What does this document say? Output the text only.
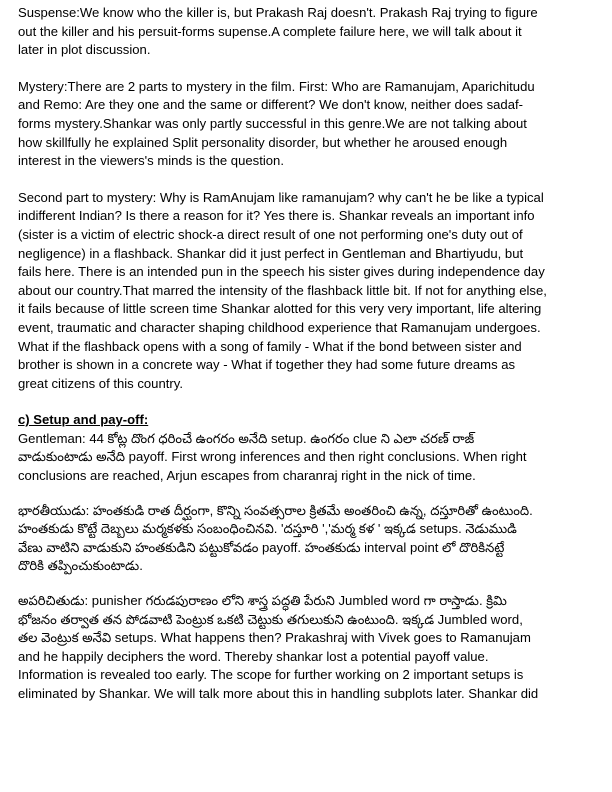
Suspense:We know who the killer is, but Prakash Raj doesn't. Prakash Raj trying to figure
out the killer and his persuit-forms supense.A complete failure here, we will talk about it
later in plot discussion.

Mystery:There are 2 parts to mystery in the film. First: Who are Ramanujam, Aparichitudu
and Remo: Are they one and the same or different? We don't know, neither does sadaf-
forms mystery.Shankar was only partly successful in this genre.We are not talking about
how skillfully he explained Split personality disorder, but whether he aroused enough
interest in the viewers's minds is the question.

Second part to mystery: Why is RamAnujam like ramanujam? why can't he be like a typical
indifferent Indian? Is there a reason for it? Yes there is. Shankar reveals an important info
(sister is a victim of electric shock-a direct result of one not performing one's duty out of
negligence) in a flashback. Shankar did it just perfect in Gentleman and Bhartiyudu, but
fails here. There is an intended pun in the speech his sister gives during independence day
about our country.That marred the intensity of the flashback little bit. If not for anything else,
it fails because of little screen time Shankar alotted for this very very important, life altering
event, traumatic and character shaping childhood experience that Ramanujam undergoes.
What if the flashback opens with a song of family - What if the bond between sister and
brother is shown in a concrete way - What if together they had some future dreams as
great citizens of this country.

c) Setup and pay-off:
Gentleman: 44 కోట్ల దొంగ ధరించే ఉంగరం అనేది setup. ఉంగరం clue ని ఎలా చరణ్ రాజ్
వాడుకుంటాడు అనేది payoff. First wrong inferences and then right conclusions. When right
conclusions are reached, Arjun escapes from charanraj right in the nick of time.

భారతీయుడు: హంతకుడి రాత దీర్ఘంగా, కొన్ని సంవత్సరాల క్రితమే అంతరించి ఉన్న, దస్తూరితో ఉంటుంది.
హంతకుడు కొట్టే దెబ్బలు మర్మకళకు సంబంధించినవి. 'దస్తూరి ','మర్మ కళ ' ఇక్కడ setups. నెడుముడి
వేణు వాటిని వాడుకుని హంతకుడిని పట్టుకోవడం payoff. హంతకుడు interval point లో దొరికినట్టే
దొరికి తప్పించుకుంటాడు.

అపరిచితుడు: punisher గరుడపురాణం లోని శాస్త్ర పద్ధతి పేరుని Jumbled word గా రాస్తాడు. క్రిమి
భోజనం తర్వాత తన పోడవాటి పెంట్రుక ఒకటి చెట్టుకు తగులుకుని ఉంటుంది. ఇక్కడ Jumbled word,
తల వెంట్రుక అనేవి setups. What happens then? Prakashraj with Vivek goes to Ramanujam
and he happily deciphers the word. Thereby shankar lost a potential payoff value.
Information is revealed too early. The scope for further working on 2 important setups is
eliminated by Shankar. We will talk more about this in handling subplots later. Shankar did
